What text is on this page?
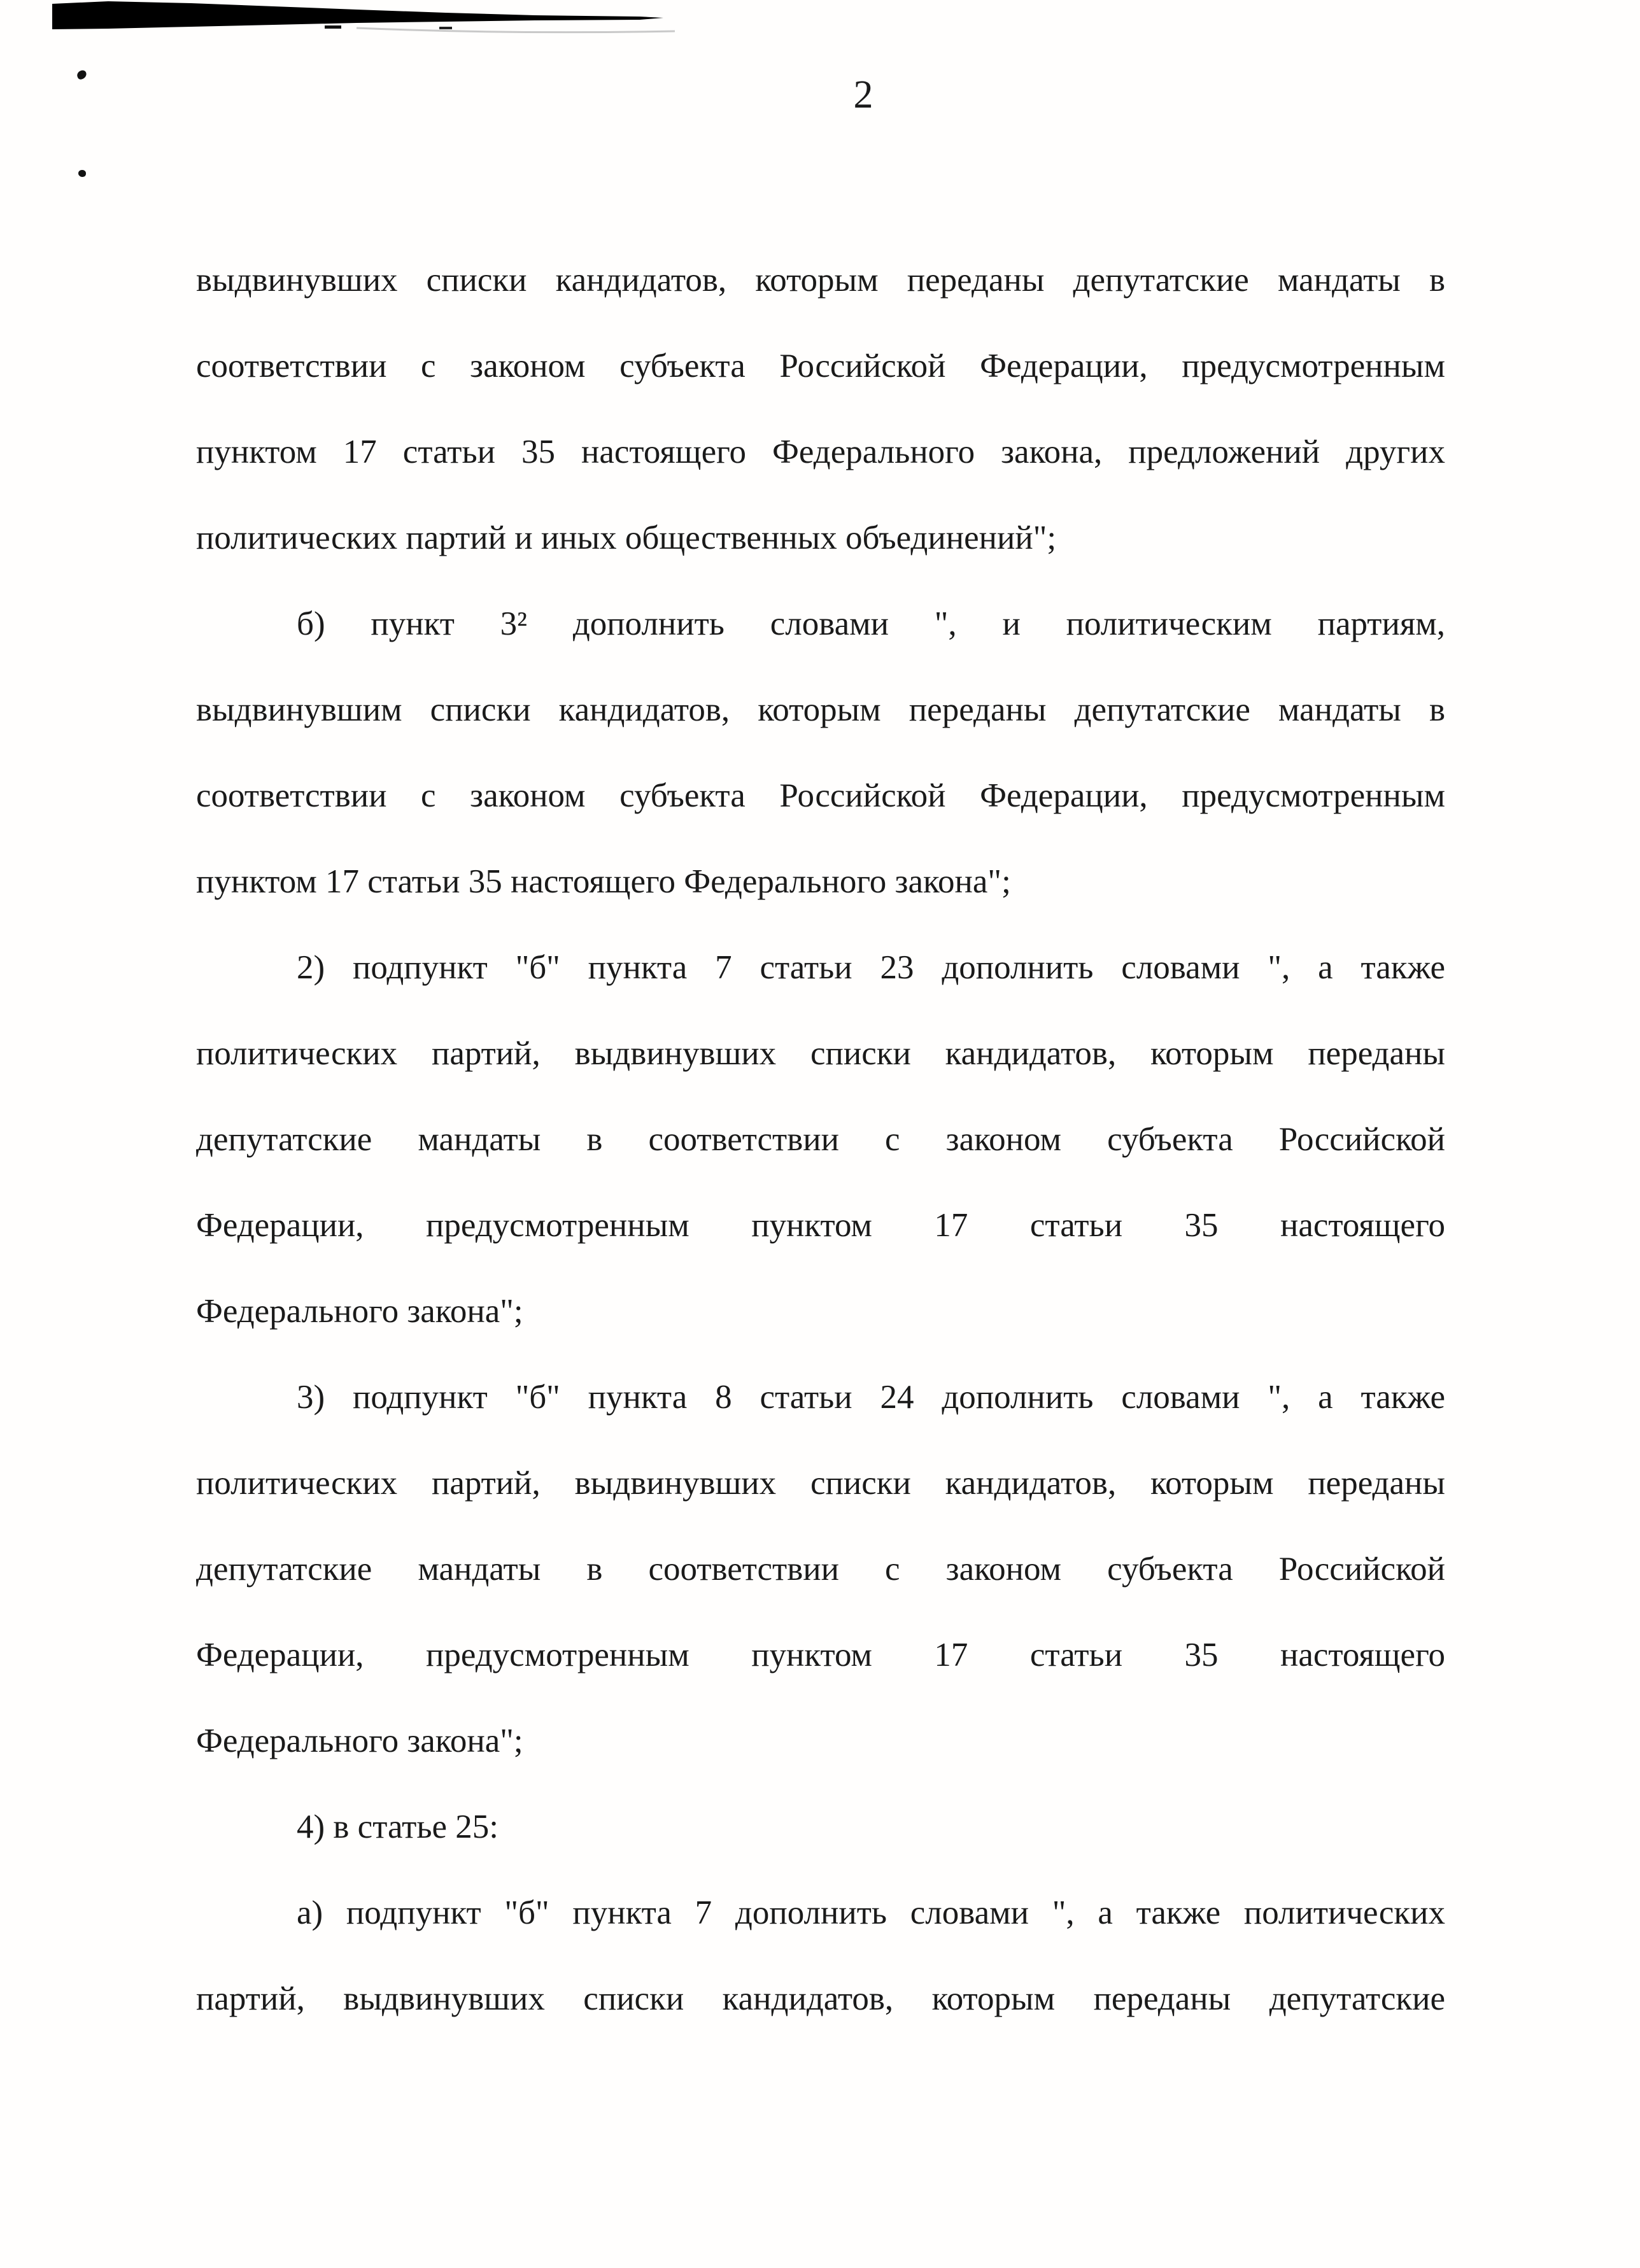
2
выдвинувших списки кандидатов, которым переданы депутатские мандаты в
соответствии с законом субъекта Российской Федерации, предусмотренным
пунктом 17 статьи 35 настоящего Федерального закона, предложений других
политических партий и иных общественных объединений";
б) пункт 3² дополнить словами ", и политическим партиям,
выдвинувшим списки кандидатов, которым переданы депутатские мандаты в
соответствии с законом субъекта Российской Федерации, предусмотренным
пунктом 17 статьи 35 настоящего Федерального закона";
2) подпункт "б" пункта 7 статьи 23 дополнить словами ", а также
политических партий, выдвинувших списки кандидатов, которым переданы
депутатские мандаты в соответствии с законом субъекта Российской
Федерации, предусмотренным пунктом 17 статьи 35 настоящего
Федерального закона";
3) подпункт "б" пункта 8 статьи 24 дополнить словами ", а также
политических партий, выдвинувших списки кандидатов, которым переданы
депутатские мандаты в соответствии с законом субъекта Российской
Федерации, предусмотренным пунктом 17 статьи 35 настоящего
Федерального закона";
4) в статье 25:
а) подпункт "б" пункта 7 дополнить словами ", а также политических
партий, выдвинувших списки кандидатов, которым переданы депутатские
